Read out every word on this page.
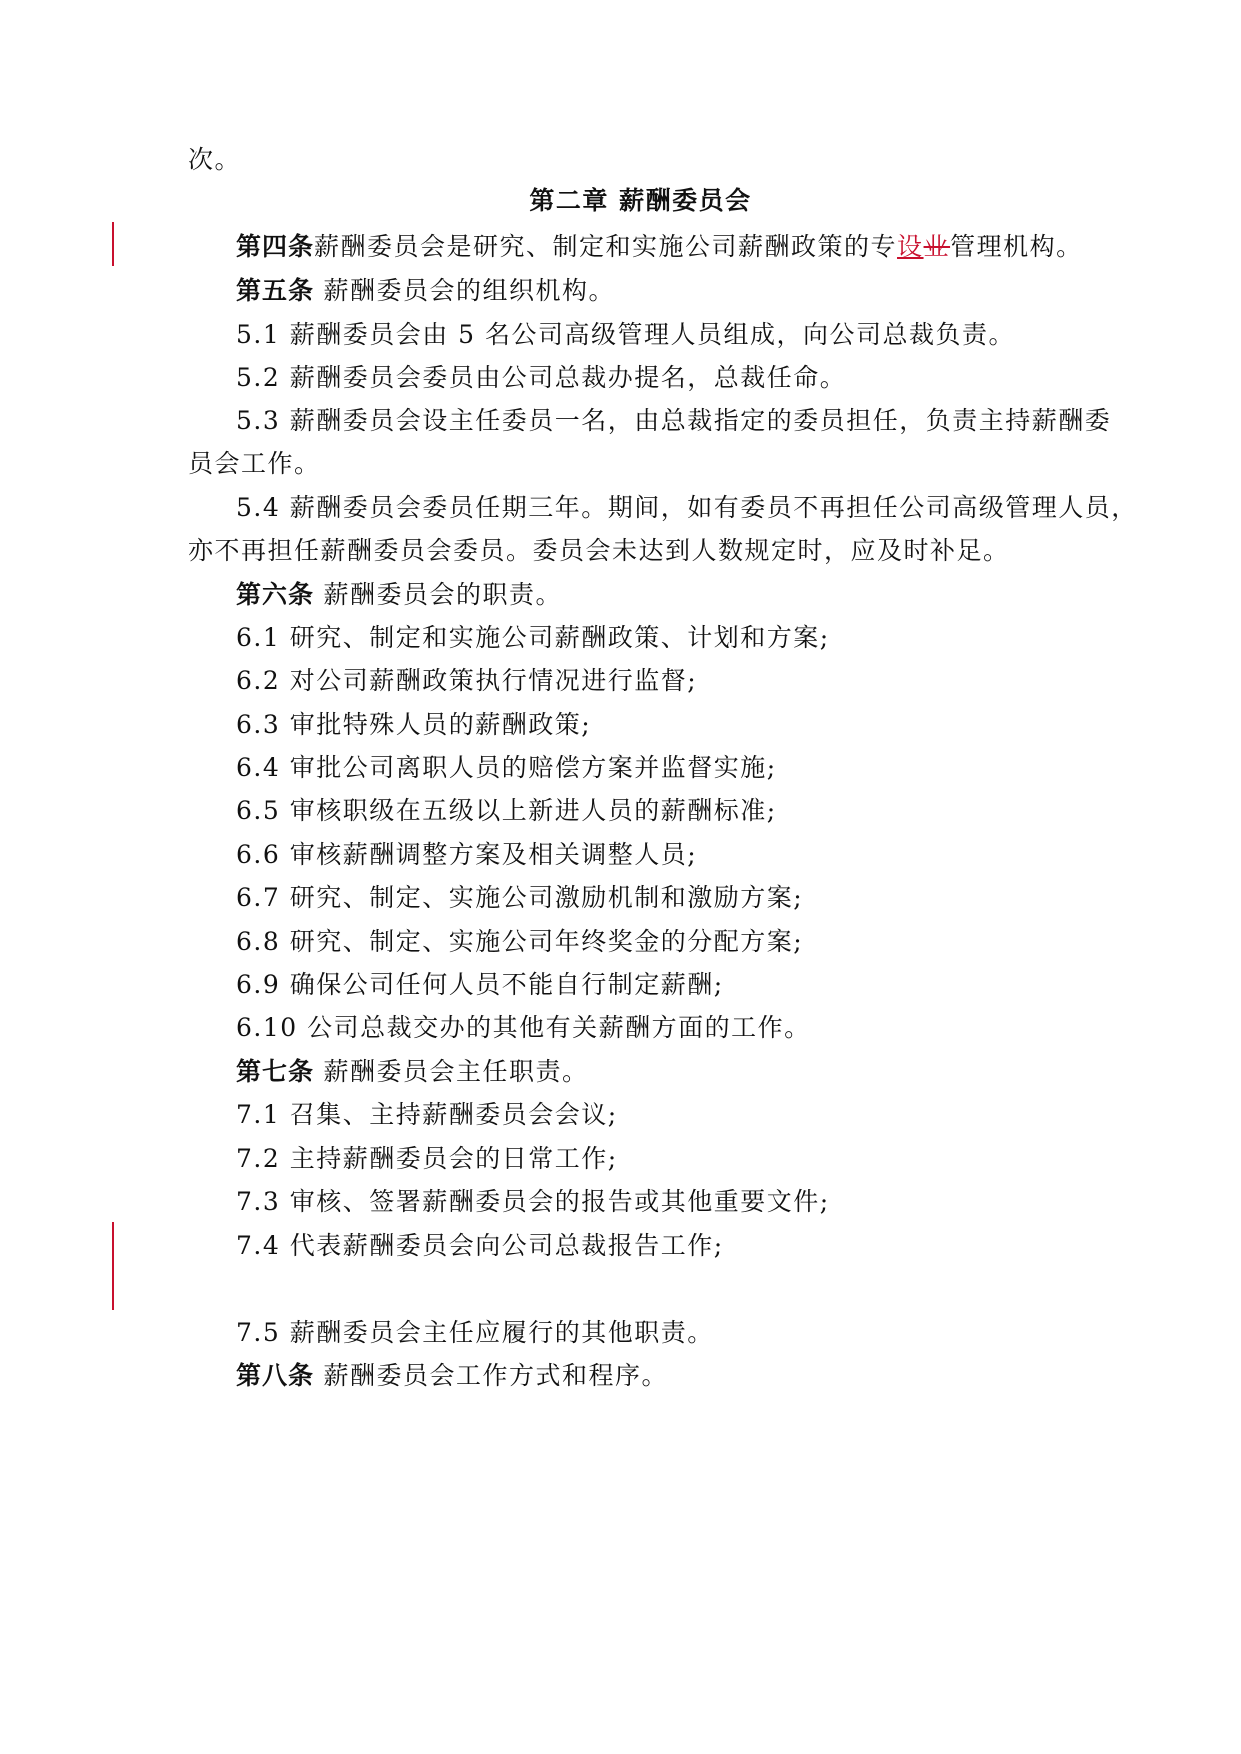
次。
第二章 薪酬委员会
第四条薪酬委员会是研究、制定和实施公司薪酬政策的专设业管理机构。
第五条 薪酬委员会的组织机构。
5.1 薪酬委员会由 5 名公司高级管理人员组成，向公司总裁负责。
5.2 薪酬委员会委员由公司总裁办提名，总裁任命。
5.3 薪酬委员会设主任委员一名，由总裁指定的委员担任，负责主持薪酬委
员会工作。
5.4 薪酬委员会委员任期三年。期间，如有委员不再担任公司高级管理人员，
亦不再担任薪酬委员会委员。委员会未达到人数规定时，应及时补足。
第六条 薪酬委员会的职责。
6.1 研究、制定和实施公司薪酬政策、计划和方案;
6.2 对公司薪酬政策执行情况进行监督;
6.3 审批特殊人员的薪酬政策;
6.4 审批公司离职人员的赔偿方案并监督实施;
6.5 审核职级在五级以上新进人员的薪酬标准;
6.6 审核薪酬调整方案及相关调整人员;
6.7 研究、制定、实施公司激励机制和激励方案;
6.8 研究、制定、实施公司年终奖金的分配方案;
6.9 确保公司任何人员不能自行制定薪酬;
6.10 公司总裁交办的其他有关薪酬方面的工作。
第七条 薪酬委员会主任职责。
7.1 召集、主持薪酬委员会会议;
7.2 主持薪酬委员会的日常工作;
7.3 审核、签署薪酬委员会的报告或其他重要文件;
7.4 代表薪酬委员会向公司总裁报告工作;
7.5 薪酬委员会主任应履行的其他职责。
第八条 薪酬委员会工作方式和程序。
